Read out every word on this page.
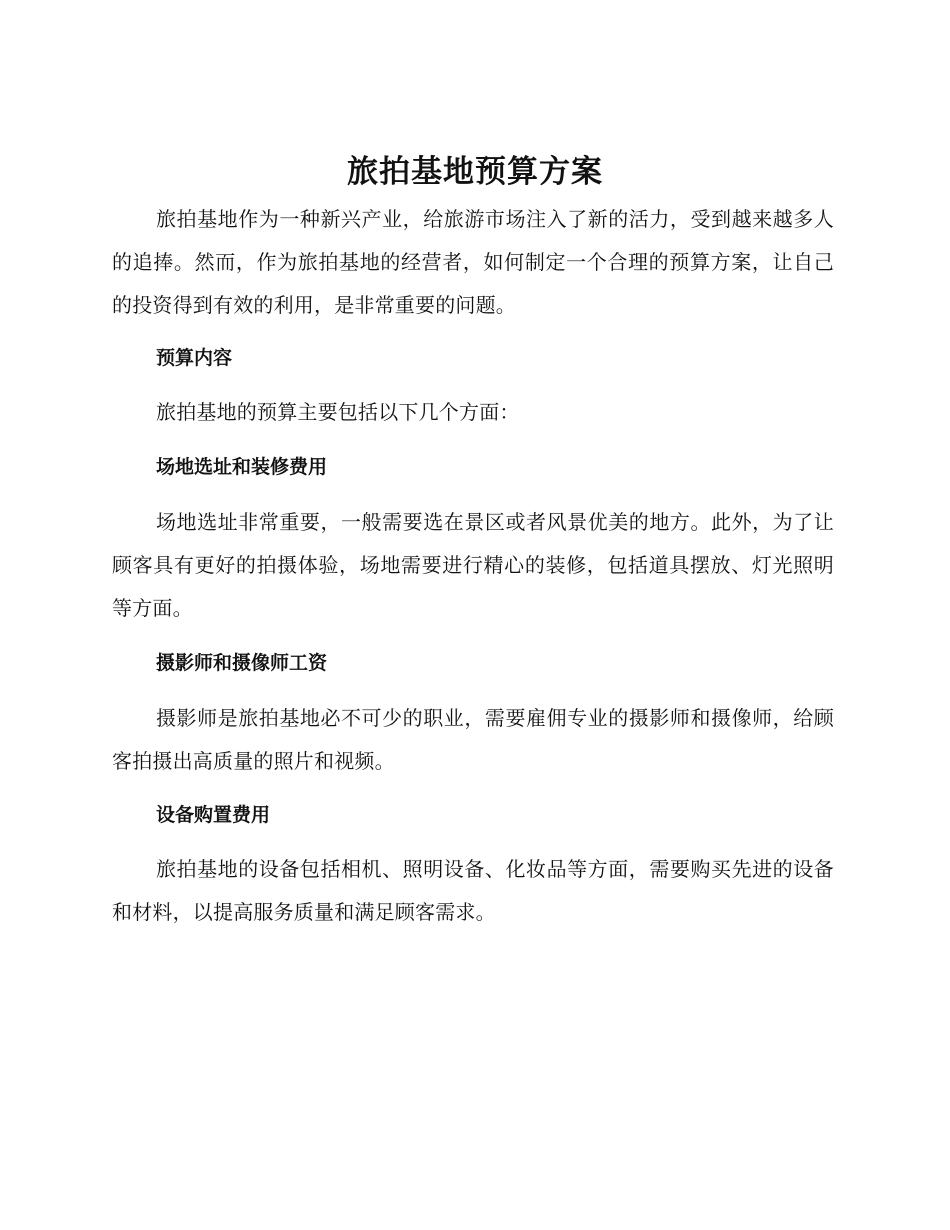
旅拍基地预算方案

旅拍基地作为一种新兴产业，给旅游市场注入了新的活力，受到越来越多人的追捧。然而，作为旅拍基地的经营者，如何制定一个合理的预算方案，让自己的投资得到有效的利用，是非常重要的问题。

预算内容

旅拍基地的预算主要包括以下几个方面：

场地选址和装修费用

场地选址非常重要，一般需要选在景区或者风景优美的地方。此外，为了让顾客具有更好的拍摄体验，场地需要进行精心的装修，包括道具摆放、灯光照明等方面。

摄影师和摄像师工资

摄影师是旅拍基地必不可少的职业，需要雇佣专业的摄影师和摄像师，给顾客拍摄出高质量的照片和视频。

设备购置费用

旅拍基地的设备包括相机、照明设备、化妆品等方面，需要购买先进的设备和材料，以提高服务质量和满足顾客需求。
